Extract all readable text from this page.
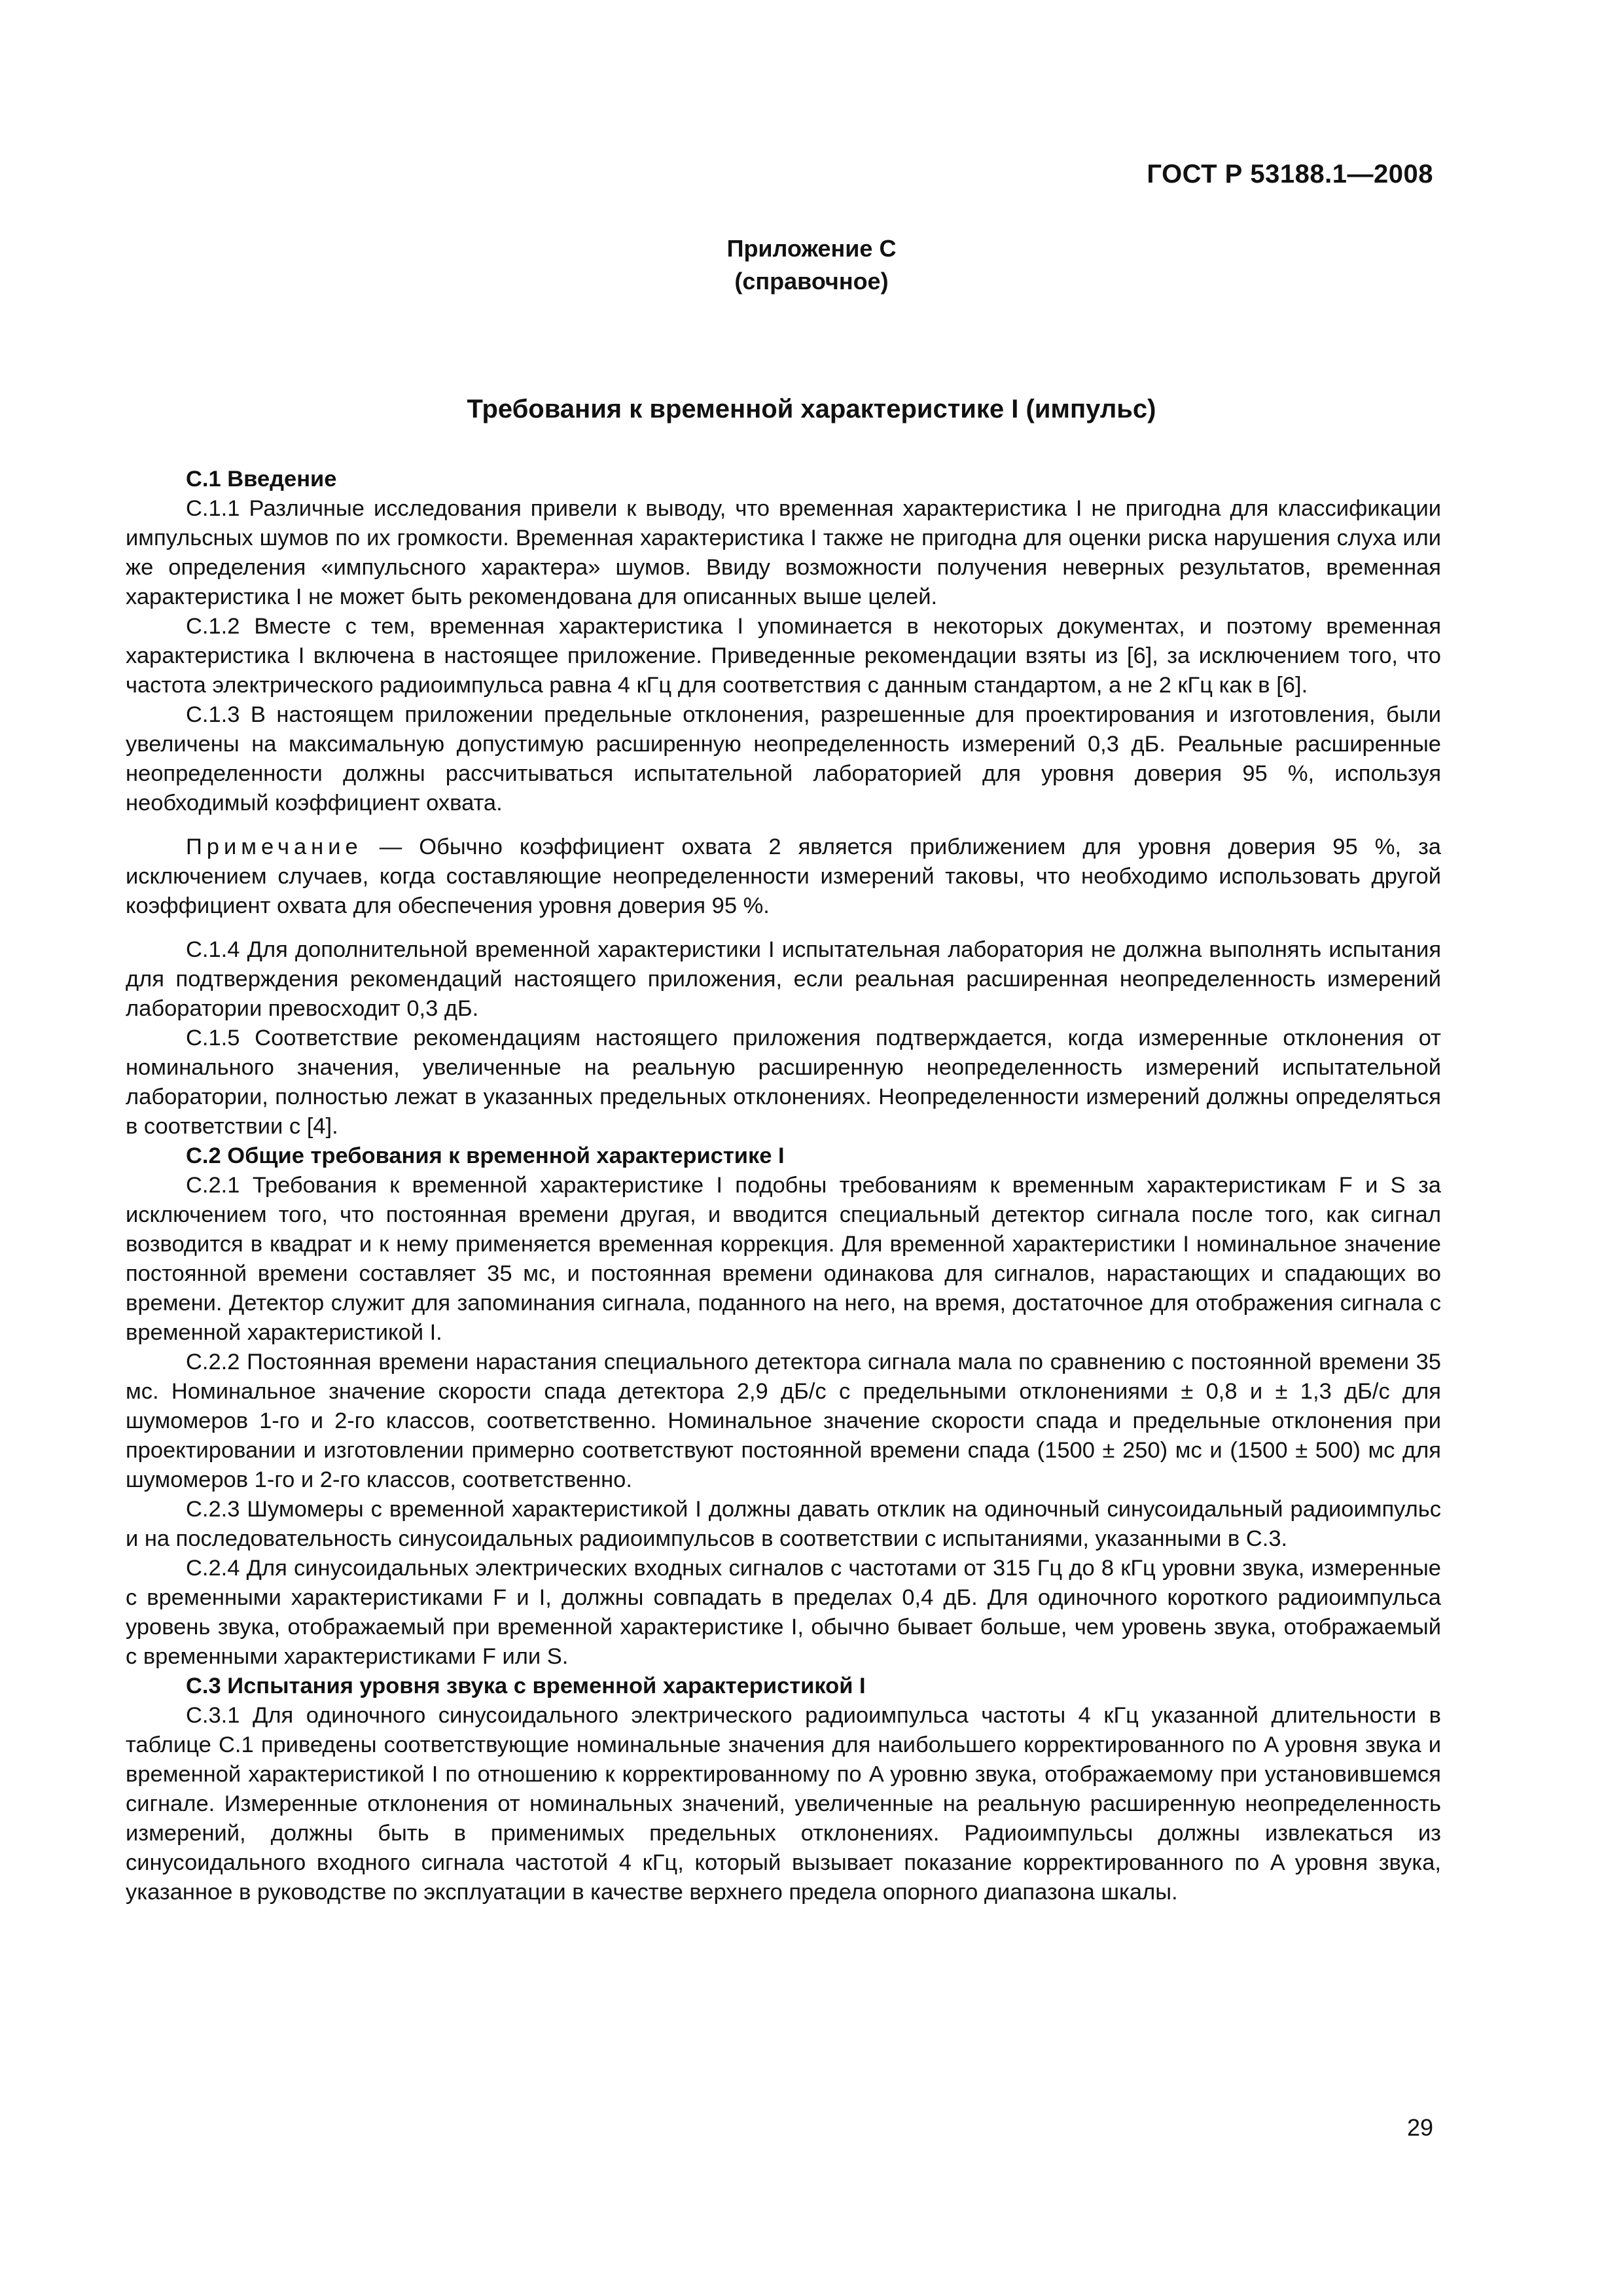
ГОСТ Р 53188.1—2008
Приложение С
(справочное)
Требования к временной характеристике I (импульс)
С.1 Введение

С.1.1 Различные исследования привели к выводу, что временная характеристика I не пригодна для классификации импульсных шумов по их громкости. Временная характеристика I также не пригодна для оценки риска нарушения слуха или же определения «импульсного характера» шумов. Ввиду возможности получения неверных результатов, временная характеристика I не может быть рекомендована для описанных выше целей.

С.1.2 Вместе с тем, временная характеристика I упоминается в некоторых документах, и поэтому временная характеристика I включена в настоящее приложение. Приведенные рекомендации взяты из [6], за исключением того, что частота электрического радиоимпульса равна 4 кГц для соответствия с данным стандартом, а не 2 кГц как в [6].

С.1.3 В настоящем приложении предельные отклонения, разрешенные для проектирования и изготовления, были увеличены на максимальную допустимую расширенную неопределенность измерений 0,3 дБ. Реальные расширенные неопределенности должны рассчитываться испытательной лабораторией для уровня доверия 95 %, используя необходимый коэффициент охвата.

Примечание — Обычно коэффициент охвата 2 является приближением для уровня доверия 95 %, за исключением случаев, когда составляющие неопределенности измерений таковы, что необходимо использовать другой коэффициент охвата для обеспечения уровня доверия 95 %.

С.1.4 Для дополнительной временной характеристики I испытательная лаборатория не должна выполнять испытания для подтверждения рекомендаций настоящего приложения, если реальная расширенная неопределенность измерений лаборатории превосходит 0,3 дБ.

С.1.5 Соответствие рекомендациям настоящего приложения подтверждается, когда измеренные отклонения от номинального значения, увеличенные на реальную расширенную неопределенность измерений испытательной лаборатории, полностью лежат в указанных предельных отклонениях. Неопределенности измерений должны определяться в соответствии с [4].

С.2 Общие требования к временной характеристике I

С.2.1 Требования к временной характеристике I подобны требованиям к временным характеристикам F и S за исключением того, что постоянная времени другая, и вводится специальный детектор сигнала после того, как сигнал возводится в квадрат и к нему применяется временная коррекция. Для временной характеристики I номинальное значение постоянной времени составляет 35 мс, и постоянная времени одинакова для сигналов, нарастающих и спадающих во времени. Детектор служит для запоминания сигнала, поданного на него, на время, достаточное для отображения сигнала с временной характеристикой I.

С.2.2 Постоянная времени нарастания специального детектора сигнала мала по сравнению с постоянной времени 35 мс. Номинальное значение скорости спада детектора 2,9 дБ/с с предельными отклонениями ± 0,8 и ± 1,3 дБ/с для шумомеров 1-го и 2-го классов, соответственно. Номинальное значение скорости спада и предельные отклонения при проектировании и изготовлении примерно соответствуют постоянной времени спада (1500 ± 250) мс и (1500 ± 500) мс для шумомеров 1-го и 2-го классов, соответственно.

С.2.3 Шумомеры с временной характеристикой I должны давать отклик на одиночный синусоидальный радиоимпульс и на последовательность синусоидальных радиоимпульсов в соответствии с испытаниями, указанными в С.3.

С.2.4 Для синусоидальных электрических входных сигналов с частотами от 315 Гц до 8 кГц уровни звука, измеренные с временными характеристиками F и I, должны совпадать в пределах 0,4 дБ. Для одиночного короткого радиоимпульса уровень звука, отображаемый при временной характеристике I, обычно бывает больше, чем уровень звука, отображаемый с временными характеристиками F или S.

С.3 Испытания уровня звука с временной характеристикой I

С.3.1 Для одиночного синусоидального электрического радиоимпульса частоты 4 кГц указанной длительности в таблице С.1 приведены соответствующие номинальные значения для наибольшего корректированного по A уровня звука и временной характеристикой I по отношению к корректированному по A уровню звука, отображаемому при установившемся сигнале. Измеренные отклонения от номинальных значений, увеличенные на реальную расширенную неопределенность измерений, должны быть в применимых предельных отклонениях. Радиоимпульсы должны извлекаться из синусоидального входного сигнала частотой 4 кГц, который вызывает показание корректированного по A уровня звука, указанное в руководстве по эксплуатации в качестве верхнего предела опорного диапазона шкалы.

29
